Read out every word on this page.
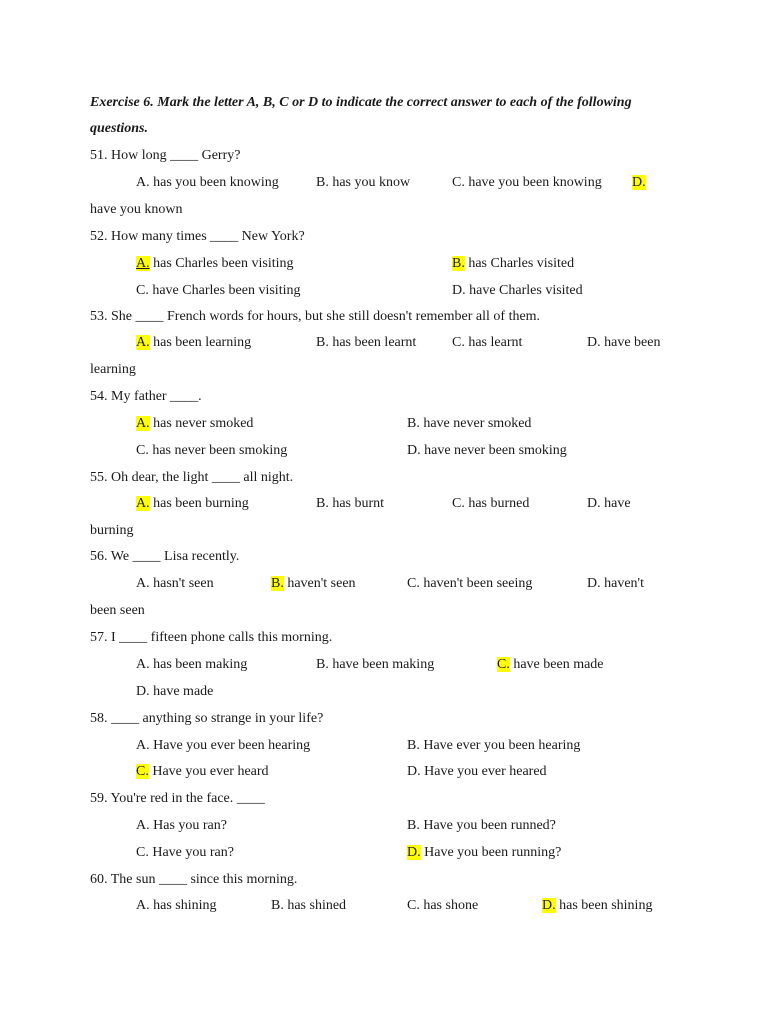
Exercise 6. Mark the letter A, B, C or D to indicate the correct answer to each of the following
questions.
51. How long ____ Gerry?
A. has you been knowing	B. has you know	C. have you been knowing D.
have you known
52. How many times ____ New York?
A. has Charles been visiting	B. has Charles visited
C. have Charles been visiting	D. have Charles visited
53. She ____ French words for hours, but she still doesn't remember all of them.
A. has been learning	B. has been learnt	C. has learnt	D. have been
learning
54. My father ____.
A. has never smoked	B. have never smoked
C. has never been smoking	D. have never been smoking
55. Oh dear, the light ____ all night.
A. has been burning	B. has burnt	C. has burned	D. have
burning
56. We ____ Lisa recently.
A. hasn't seen	B. haven't seen	C. haven't been seeing	D. haven't
been seen
57. I ____ fifteen phone calls this morning.
A. has been making	B. have been making	C. have been made
D. have made
58. ____ anything so strange in your life?
A. Have you ever been hearing	B. Have ever you been hearing
C. Have you ever heard	D. Have you ever heared
59. You're red in the face. ____
A. Has you ran?	B. Have you been runned?
C. Have you ran?	D. Have you been running?
60. The sun ____ since this morning.
A. has shining	B. has shined	C. has shone	D. has been shining
